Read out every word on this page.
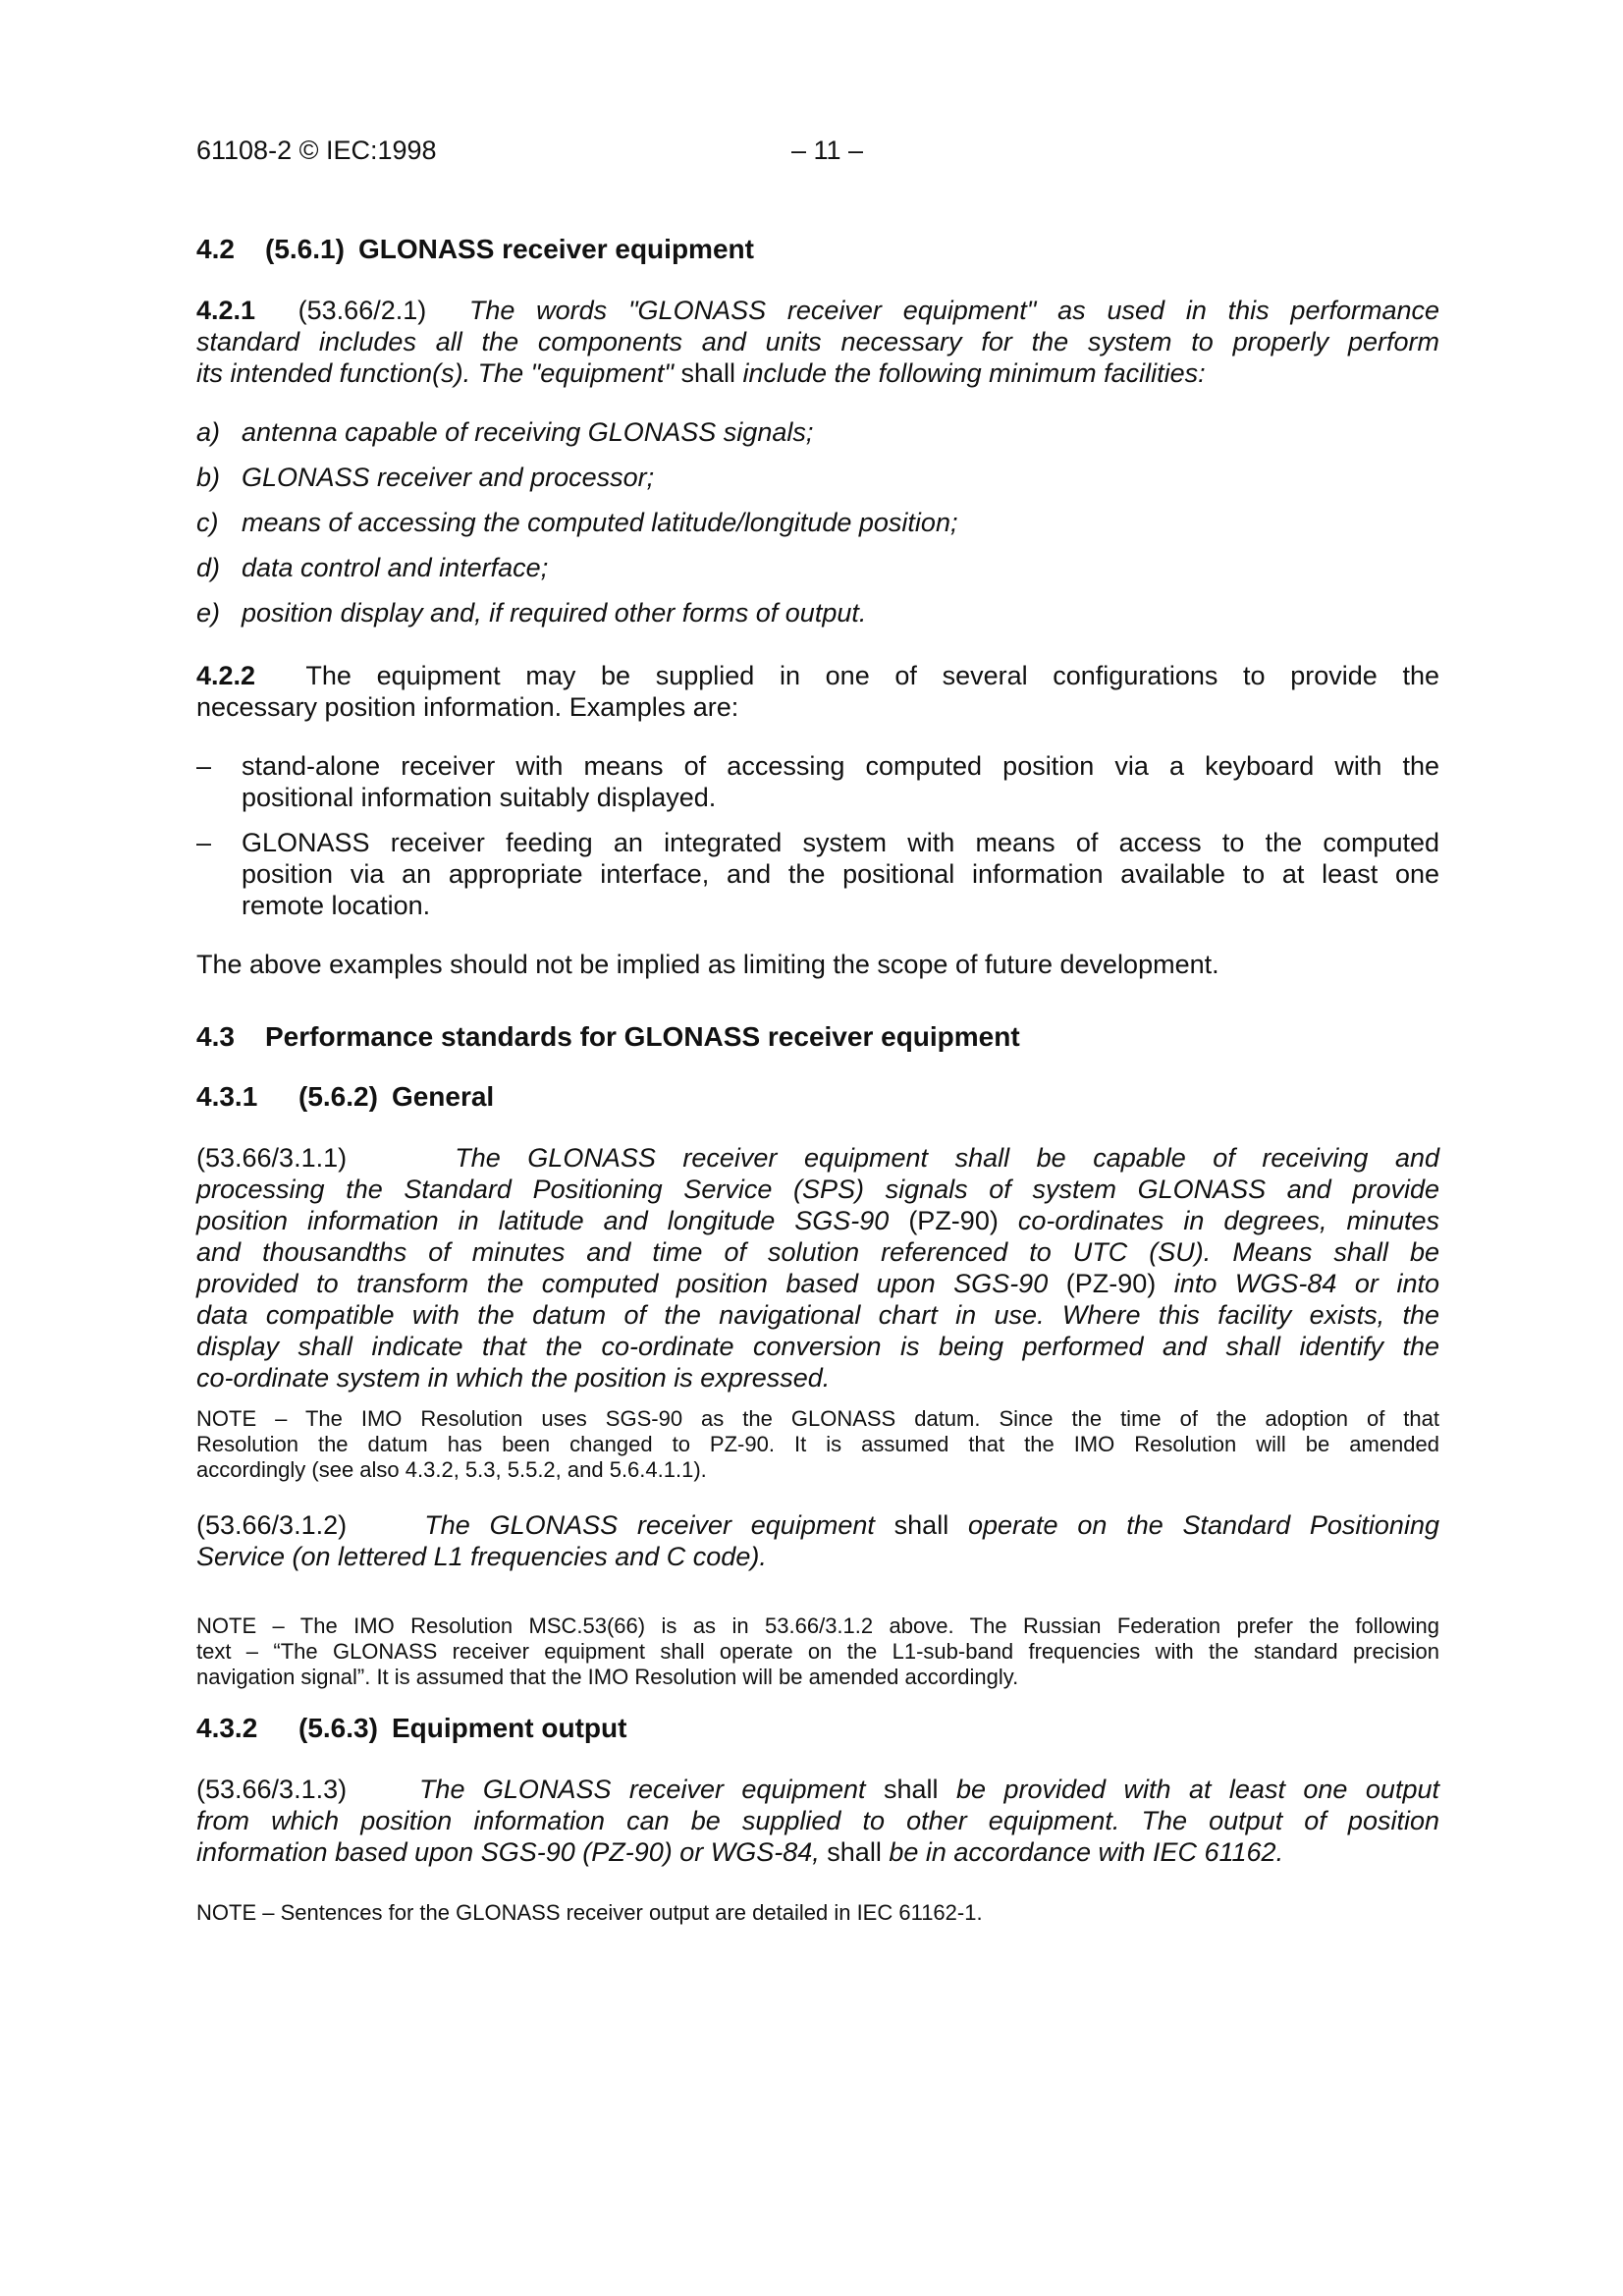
61108-2 © IEC:1998	– 11 –
4.2 (5.6.1) GLONASS receiver equipment
4.2.1 (53.66/2.1) The words "GLONASS receiver equipment" as used in this performance
standard includes all the components and units necessary for the system to properly perform
its intended function(s). The "equipment" shall include the following minimum facilities:
a) antenna capable of receiving GLONASS signals;
b) GLONASS receiver and processor;
c) means of accessing the computed latitude/longitude position;
d) data control and interface;
e) position display and, if required other forms of output.
4.2.2 The equipment may be supplied in one of several configurations to provide the
necessary position information. Examples are:
– stand-alone receiver with means of accessing computed position via a keyboard with the
positional information suitably displayed.
– GLONASS receiver feeding an integrated system with means of access to the computed
position via an appropriate interface, and the positional information available to at least one
remote location.
The above examples should not be implied as limiting the scope of future development.
4.3 Performance standards for GLONASS receiver equipment
4.3.1 (5.6.2) General
(53.66/3.1.1)	The GLONASS receiver equipment shall be capable of receiving and
processing the Standard Positioning Service (SPS) signals of system GLONASS and provide
position information in latitude and longitude SGS-90 (PZ-90) co-ordinates in degrees, minutes
and thousandths of minutes and time of solution referenced to UTC (SU). Means shall be
provided to transform the computed position based upon SGS-90 (PZ-90) into WGS-84 or into
data compatible with the datum of the navigational chart in use. Where this facility exists, the
display shall indicate that the co-ordinate conversion is being performed and shall identify the
co-ordinate system in which the position is expressed.
NOTE – The IMO Resolution uses SGS-90 as the GLONASS datum. Since the time of the adoption of that
Resolution the datum has been changed to PZ-90. It is assumed that the IMO Resolution will be amended
accordingly (see also 4.3.2, 5.3, 5.5.2, and 5.6.4.1.1).
(53.66/3.1.2)	The GLONASS receiver equipment shall operate on the Standard Positioning
Service (on lettered L1 frequencies and C code).
NOTE – The IMO Resolution MSC.53(66) is as in 53.66/3.1.2 above. The Russian Federation prefer the following
text – “The GLONASS receiver equipment shall operate on the L1-sub-band frequencies with the standard precision
navigation signal”. It is assumed that the IMO Resolution will be amended accordingly.
4.3.2 (5.6.3) Equipment output
(53.66/3.1.3)	The GLONASS receiver equipment shall be provided with at least one output
from which position information can be supplied to other equipment. The output of position
information based upon SGS-90 (PZ-90) or WGS-84, shall be in accordance with IEC 61162.
NOTE – Sentences for the GLONASS receiver output are detailed in IEC 61162-1.
